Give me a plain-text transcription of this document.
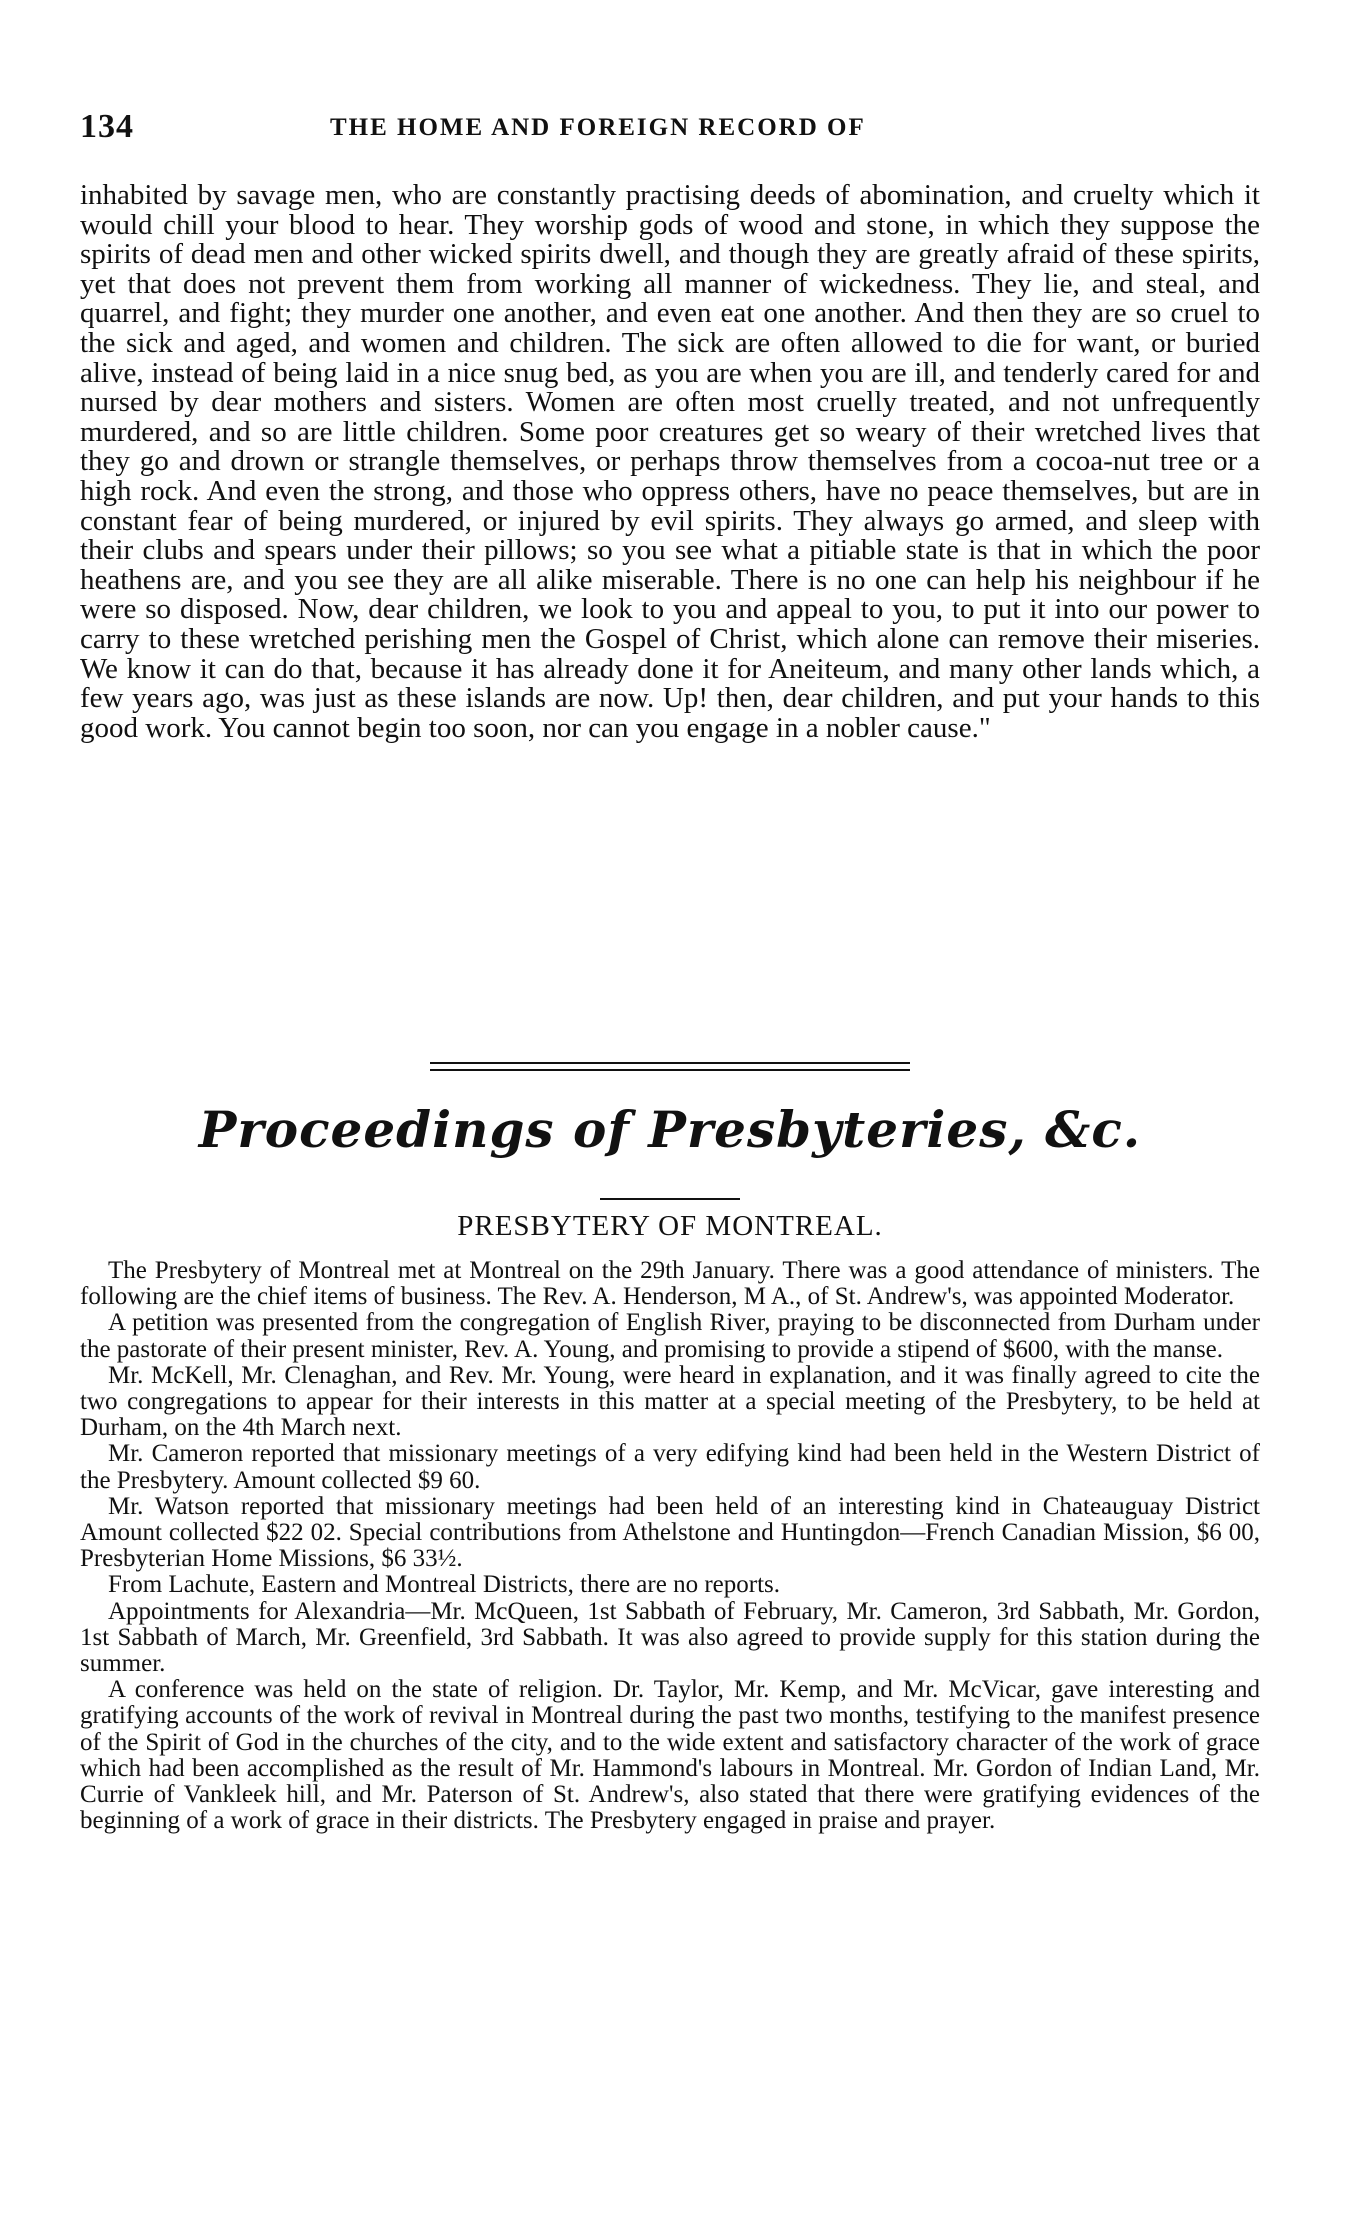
134	THE HOME AND FOREIGN RECORD OF

inhabited by savage men, who are constantly practising deeds of abomination, and cruelty which it would chill your blood to hear. They worship gods of wood and stone, in which they suppose the spirits of dead men and other wicked spirits dwell, and though they are greatly afraid of these spirits, yet that does not prevent them from working all manner of wickedness. They lie, and steal, and quarrel, and fight; they murder one another, and even eat one another. And then they are so cruel to the sick and aged, and women and children. The sick are often allowed to die for want, or buried alive, instead of being laid in a nice snug bed, as you are when you are ill, and tenderly cared for and nursed by dear mothers and sisters. Women are often most cruelly treated, and not unfrequently murdered, and so are little children. Some poor creatures get so weary of their wretched lives that they go and drown or strangle themselves, or perhaps throw themselves from a cocoa-nut tree or a high rock. And even the strong, and those who oppress others, have no peace themselves, but are in constant fear of being murdered, or injured by evil spirits. They always go armed, and sleep with their clubs and spears under their pillows; so you see what a pitiable state is that in which the poor heathens are, and you see they are all alike miserable. There is no one can help his neighbour if he were so disposed. Now, dear children, we look to you and appeal to you, to put it into our power to carry to these wretched perishing men the Gospel of Christ, which alone can remove their miseries. We know it can do that, because it has already done it for Aneiteum, and many other lands which, a few years ago, was just as these islands are now. Up! then, dear children, and put your hands to this good work. You cannot begin too soon, nor can you engage in a nobler cause."

Proceedings of Presbyteries, &c.
PRESBYTERY OF MONTREAL.

The Presbytery of Montreal met at Montreal on the 29th January. There was a good attendance of ministers. The following are the chief items of business. The Rev. A. Henderson, M A., of St. Andrew's, was appointed Moderator.

A petition was presented from the congregation of English River, praying to be disconnected from Durham under the pastorate of their present minister, Rev. A. Young, and promising to provide a stipend of $600, with the manse.

Mr. McKell, Mr. Clenaghan, and Rev. Mr. Young, were heard in explanation, and it was finally agreed to cite the two congregations to appear for their interests in this matter at a special meeting of the Presbytery, to be held at Durham, on the 4th March next.

Mr. Cameron reported that missionary meetings of a very edifying kind had been held in the Western District of the Presbytery. Amount collected $9 60.

Mr. Watson reported that missionary meetings had been held of an interesting kind in Chateauguay District Amount collected $22 02. Special contributions from Athelstone and Huntingdon—French Canadian Mission, $6 00, Presbyterian Home Missions, $6 33½.

From Lachute, Eastern and Montreal Districts, there are no reports.

Appointments for Alexandria—Mr. McQueen, 1st Sabbath of February, Mr. Cameron, 3rd Sabbath, Mr. Gordon, 1st Sabbath of March, Mr. Greenfield, 3rd Sabbath. It was also agreed to provide supply for this station during the summer.

A conference was held on the state of religion. Dr. Taylor, Mr. Kemp, and Mr. McVicar, gave interesting and gratifying accounts of the work of revival in Montreal during the past two months, testifying to the manifest presence of the Spirit of God in the churches of the city, and to the wide extent and satisfactory character of the work of grace which had been accomplished as the result of Mr. Hammond's labours in Montreal. Mr. Gordon of Indian Land, Mr. Currie of Vankleek hill, and Mr. Paterson of St. Andrew's, also stated that there were gratifying evidences of the beginning of a work of grace in their districts. The Presbytery engaged in praise and prayer.
